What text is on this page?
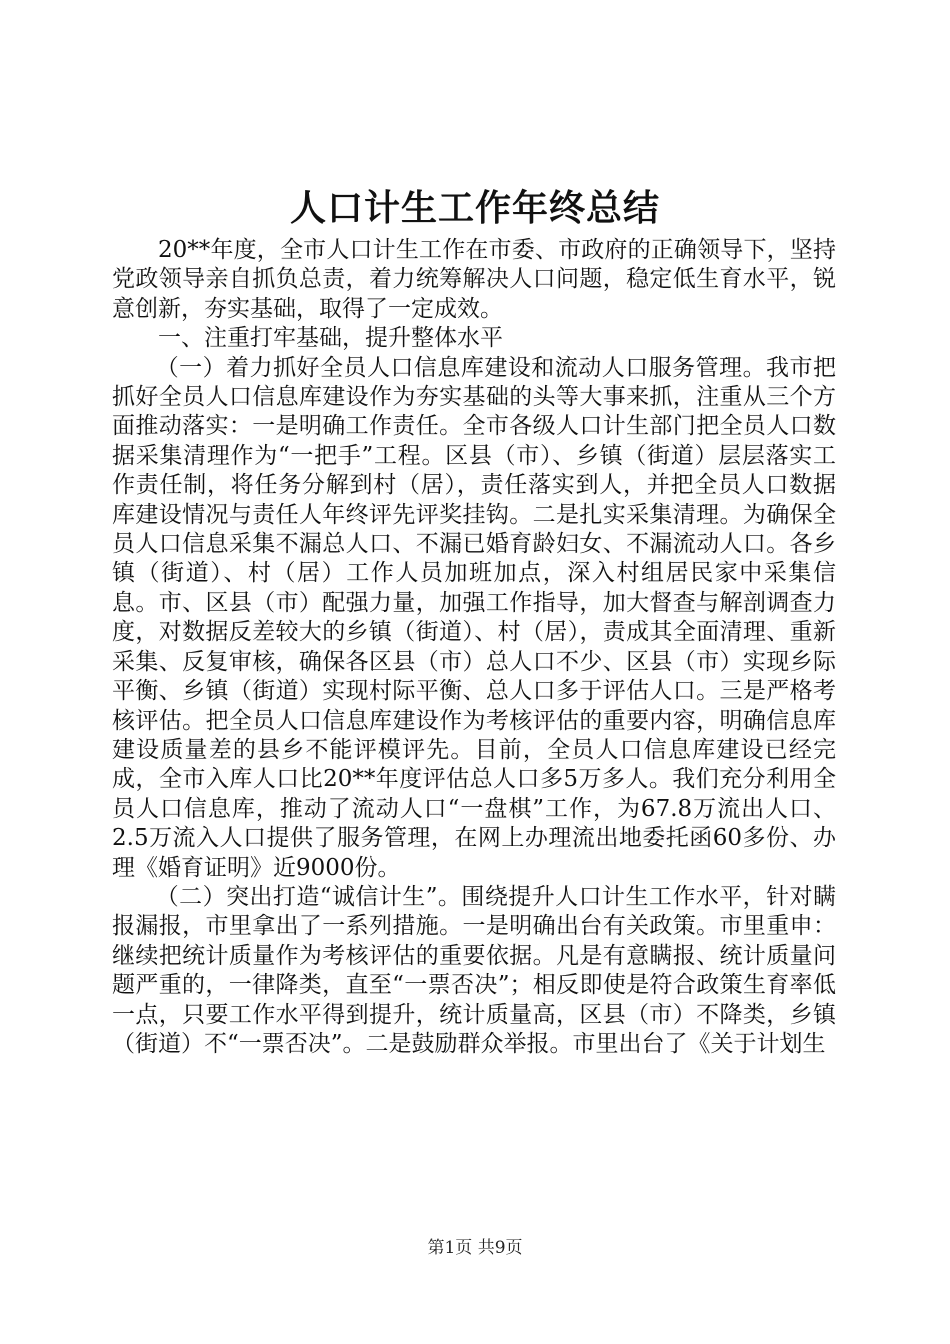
人口计生工作年终总结

20**年度，全市人口计生工作在市委、市政府的正确领导下，坚持党政领导亲自抓负总责，着力统筹解决人口问题，稳定低生育水平，锐意创新，夯实基础，取得了一定成效。

一、注重打牢基础，提升整体水平

（一）着力抓好全员人口信息库建设和流动人口服务管理。我市把抓好全员人口信息库建设作为夯实基础的头等大事来抓，注重从三个方面推动落实：一是明确工作责任。全市各级人口计生部门把全员人口数据采集清理作为“一把手”工程。区县（市）、乡镇（街道）层层落实工作责任制，将任务分解到村（居），责任落实到人，并把全员人口数据库建设情况与责任人年终评先评奖挂钩。二是扎实采集清理。为确保全员人口信息采集不漏总人口、不漏已婚育龄妇女、不漏流动人口。各乡镇（街道）、村（居）工作人员加班加点，深入村组居民家中采集信息。市、区县（市）配强力量，加强工作指导，加大督查与解剖调查力度，对数据反差较大的乡镇（街道）、村（居），责成其全面清理、重新采集、反复审核，确保各区县（市）总人口不少、区县（市）实现乡际平衡、乡镇（街道）实现村际平衡、总人口多于评估人口。三是严格考核评估。把全员人口信息库建设作为考核评估的重要内容，明确信息库建设质量差的县乡不能评模评先。目前，全员人口信息库建设已经完成，全市入库人口比20**年度评估总人口多5万多人。我们充分利用全员人口信息库，推动了流动人口“一盘棋”工作，为67.8万流出人口、2.5万流入人口提供了服务管理，在网上办理流出地委托函60多份、办理《婚育证明》近9000份。

（二）突出打造“诚信计生”。围绕提升人口计生工作水平，针对瞒报漏报，市里拿出了一系列措施。一是明确出台有关政策。市里重申：继续把统计质量作为考核评估的重要依据。凡是有意瞒报、统计质量问题严重的，一律降类，直至“一票否决”；相反即使是符合政策生育率低一点，只要工作水平得到提升，统计质量高，区县（市）不降类，乡镇（街道）不“一票否决”。二是鼓励群众举报。市里出台了《关于计划生

第1页 共9页
